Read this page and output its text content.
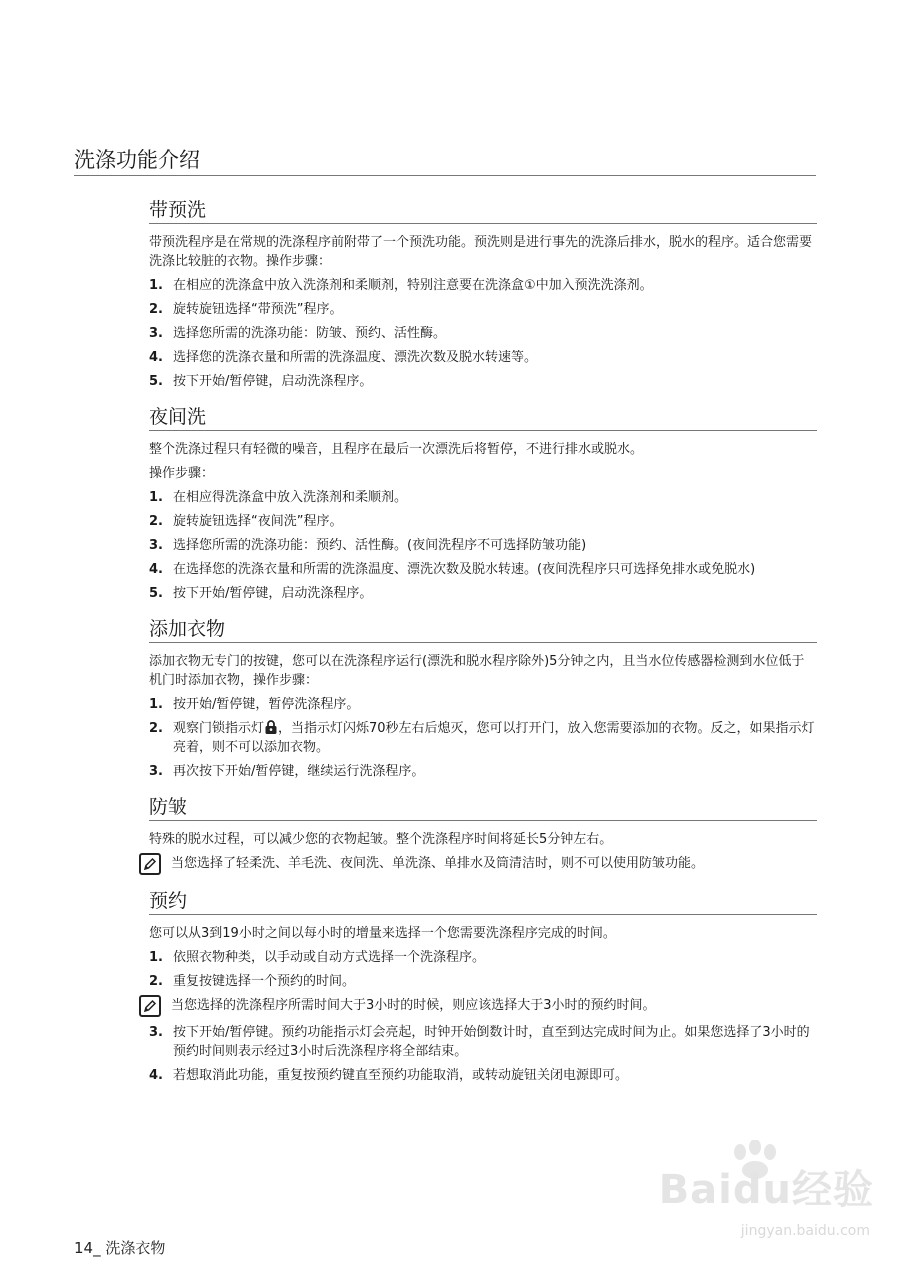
洗涤功能介绍
带预洗
带预洗程序是在常规的洗涤程序前附带了一个预洗功能。预洗则是进行事先的洗涤后排水，脱水的程序。适合您需要洗涤比较脏的衣物。操作步骤：
1. 在相应的洗涤盒中放入洗涤剂和柔顺剂，特别注意要在洗涤盒①中加入预洗洗涤剂。
2. 旋转旋钮选择“带预洗”程序。
3. 选择您所需的洗涤功能：防皱、预约、活性酶。
4. 选择您的洗涤衣量和所需的洗涤温度、漂洗次数及脱水转速等。
5. 按下开始/暂停键，启动洗涤程序。
夜间洗
整个洗涤过程只有轻微的噪音，且程序在最后一次漂洗后将暂停，不进行排水或脱水。
操作步骤：
1. 在相应得洗涤盒中放入洗涤剂和柔顺剂。
2. 旋转旋钮选择“夜间洗”程序。
3. 选择您所需的洗涤功能：预约、活性酶。(夜间洗程序不可选择防皱功能)
4. 在选择您的洗涤衣量和所需的洗涤温度、漂洗次数及脱水转速。(夜间洗程序只可选择免排水或免脱水)
5. 按下开始/暂停键，启动洗涤程序。
添加衣物
添加衣物无专门的按键，您可以在洗涤程序运行(漂洗和脱水程序除外)5分钟之内，且当水位传感器检测到水位低于机门时添加衣物，操作步骤：
1. 按开始/暂停键，暂停洗涤程序。
2. 观察门锁指示灯 ，当指示灯闪烁70秒左右后熄灭，您可以打开门，放入您需要添加的衣物。反之，如果指示灯亮着，则不可以添加衣物。
3. 再次按下开始/暂停键，继续运行洗涤程序。
防皱
特殊的脱水过程，可以减少您的衣物起皱。整个洗涤程序时间将延长5分钟左右。
当您选择了轻柔洗、羊毛洗、夜间洗、单洗涤、单排水及筒清洁时，则不可以使用防皱功能。
预约
您可以从3到19小时之间以每小时的增量来选择一个您需要洗涤程序完成的时间。
1. 依照衣物种类，以手动或自动方式选择一个洗涤程序。
2. 重复按键选择一个预约的时间。
当您选择的洗涤程序所需时间大于3小时的时候，则应该选择大于3小时的预约时间。
3. 按下开始/暂停键。预约功能指示灯会亮起，时钟开始倒数计时，直至到达完成时间为止。如果您选择了3小时的预约时间则表示经过3小时后洗涤程序将全部结束。
4. 若想取消此功能，重复按预约键直至预约功能取消，或转动旋钮关闭电源即可。
Baidu经验
jingyan.baidu.com
14_ 洗涤衣物
